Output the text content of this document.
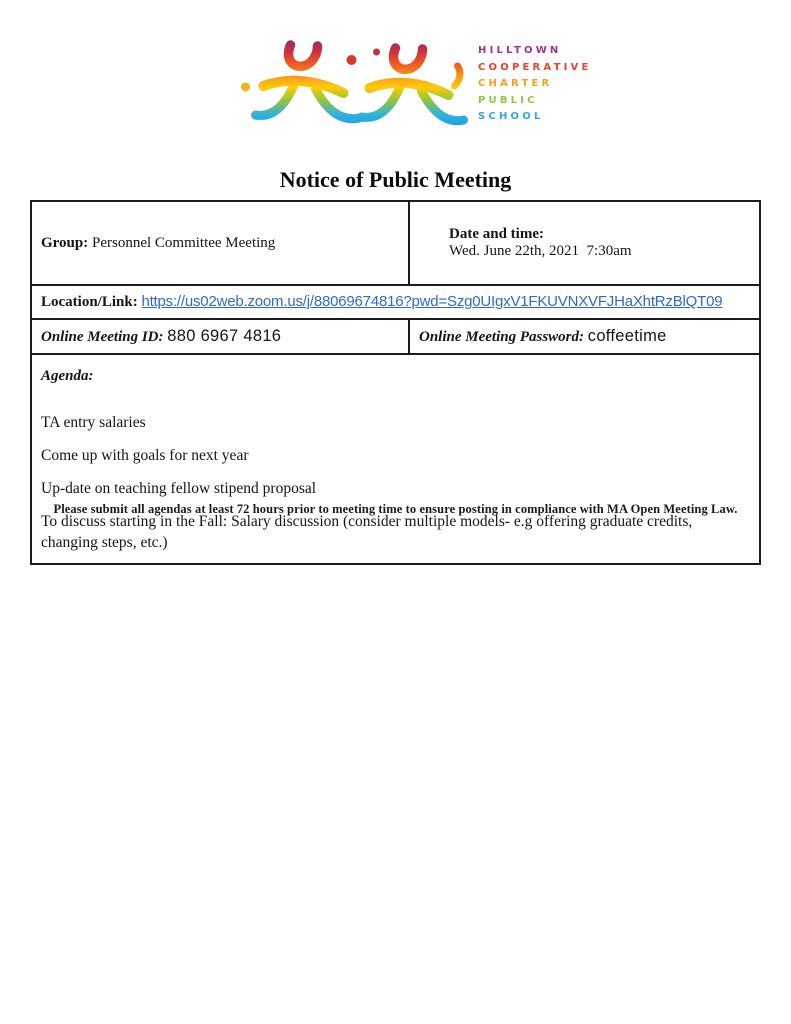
HILLTOWN
COOPERATIVE
CHARTER
PUBLIC
SCHOOL
Notice of Public Meeting
Group: Personnel Committee Meeting	Date and time:
Wed. June 22th, 2021  7:30am

Location/Link: https://us02web.zoom.us/j/88069674816?pwd=Szg0UIgxV1FKUVNXVFJHaXhtRzBlQT09	
Online Meeting ID: 880 6967 4816	Online Meeting Password: coffeetime

Agenda:

TA entry salaries

Come up with goals for next year

Up-date on teaching fellow stipend proposal

To discuss starting in the Fall: Salary discussion (consider multiple models- e.g offering graduate credits, changing steps, etc.)	

Please submit all agendas at least 72 hours prior to meeting time to ensure posting in compliance with MA Open Meeting Law.
